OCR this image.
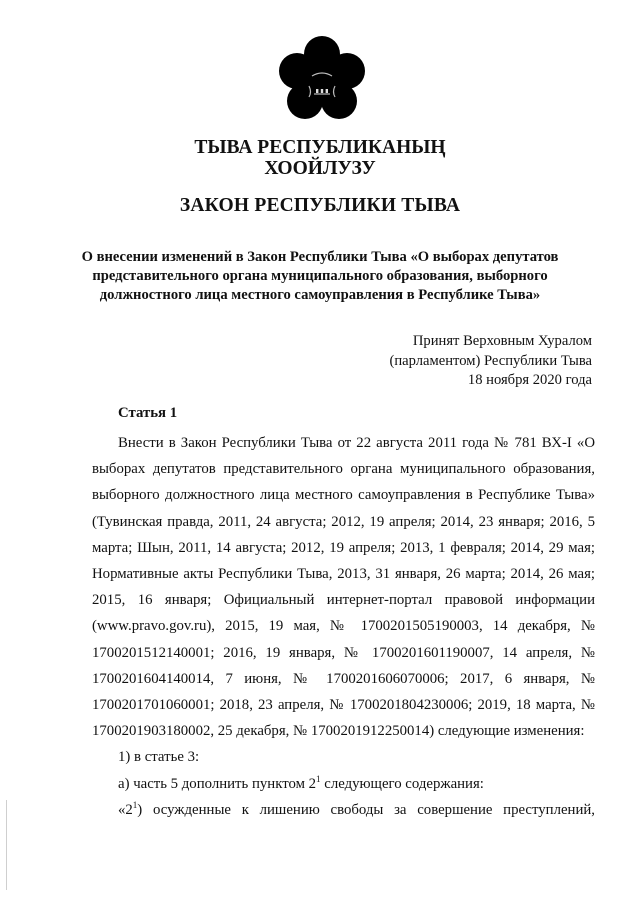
ТЫВА РЕСПУБЛИКАНЫҢ
ХООЙЛУЗУ
ЗАКОН РЕСПУБЛИКИ ТЫВА
О внесении изменений в Закон Республики Тыва «О выборах депутатов
представительного органа муниципального образования, выборного
должностного лица местного самоуправления в Республике Тыва»
Принят Верховным Хуралом
(парламентом) Республики Тыва
18 ноября 2020 года
Статья 1
Внести в Закон Республики Тыва от 22 августа 2011 года № 781 ВХ-I «О
выборах депутатов представительного органа муниципального образования,
выборного должностного лица местного самоуправления в Республике Тыва»
(Тувинская правда, 2011, 24 августа; 2012, 19 апреля; 2014, 23 января; 2016, 5
марта; Шын, 2011, 14 августа; 2012, 19 апреля; 2013, 1 февраля; 2014, 29 мая;
Нормативные акты Республики Тыва, 2013, 31 января, 26 марта; 2014, 26 мая;
2015, 16 января; Официальный интернет-портал правовой информации
(www.pravo.gov.ru), 2015, 19 мая, № 1700201505190003, 14 декабря, №
1700201512140001; 2016, 19 января, № 1700201601190007, 14 апреля, №
1700201604140014, 7 июня, № 1700201606070006; 2017, 6 января, №
1700201701060001; 2018, 23 апреля, № 1700201804230006; 2019, 18 марта, №
1700201903180002, 25 декабря, № 1700201912250014) следующие изменения:
1) в статье 3:
а) часть 5 дополнить пунктом $2^1$ следующего содержания:
«$2^1$) осужденные к лишению свободы за совершение преступлений,
